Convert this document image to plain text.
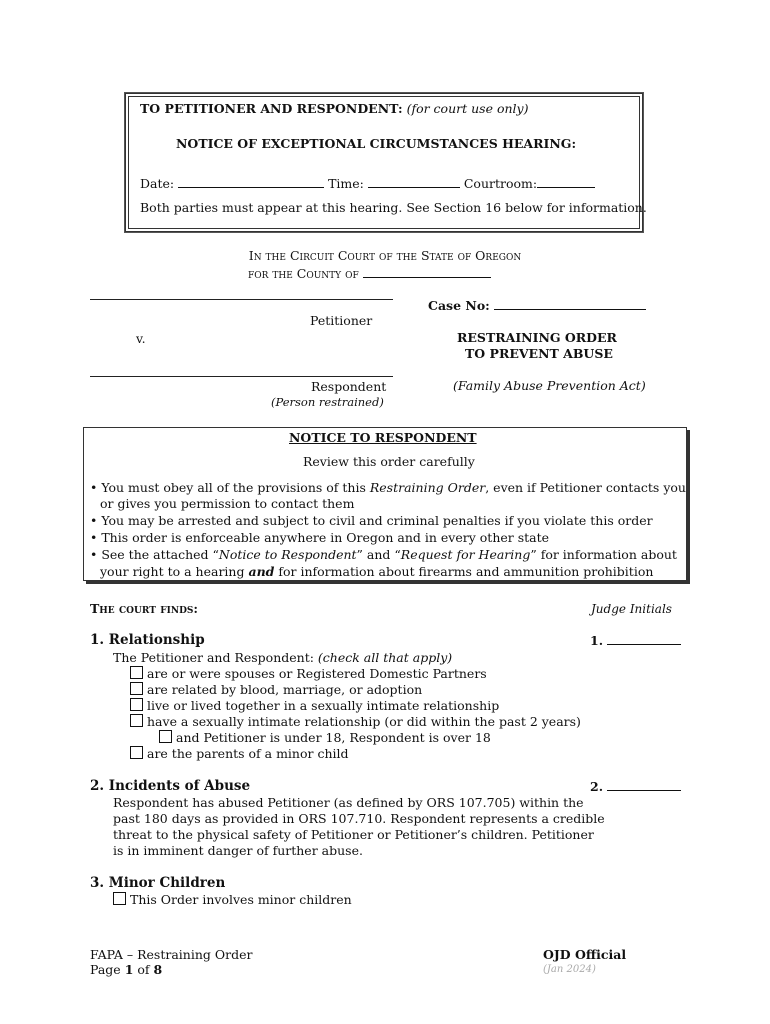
TO PETITIONER AND RESPONDENT: (for court use only)
NOTICE OF EXCEPTIONAL CIRCUMSTANCES HEARING:
Date:	Time:	Courtroom:
Both parties must appear at this hearing. See Section 16 below for information.
In the Circuit Court of the State of Oregon
for the County of
Petitioner
v.
Respondent
(Person restrained)
Case No:
RESTRAINING ORDER
TO PREVENT ABUSE
(Family Abuse Prevention Act)
NOTICE TO RESPONDENT
Review this order carefully
• You must obey all of the provisions of this Restraining Order, even if Petitioner contacts you
or gives you permission to contact them
• You may be arrested and subject to civil and criminal penalties if you violate this order
• This order is enforceable anywhere in Oregon and in every other state
• See the attached “Notice to Respondent” and “Request for Hearing” for information about
your right to a hearing and for information about firearms and ammunition prohibition
The court finds:	Judge Initials
1. Relationship	1.
The Petitioner and Respondent: (check all that apply)
are or were spouses or Registered Domestic Partners
are related by blood, marriage, or adoption
live or lived together in a sexually intimate relationship
have a sexually intimate relationship (or did within the past 2 years)
and Petitioner is under 18, Respondent is over 18
are the parents of a minor child
2. Incidents of Abuse	2.
Respondent has abused Petitioner (as defined by ORS 107.705) within the
past 180 days as provided in ORS 107.710. Respondent represents a credible
threat to the physical safety of Petitioner or Petitioner’s children. Petitioner
is in imminent danger of further abuse.
3. Minor Children
This Order involves minor children
FAPA – Restraining Order
Page 1 of 8
OJD Official
(Jan 2024)
